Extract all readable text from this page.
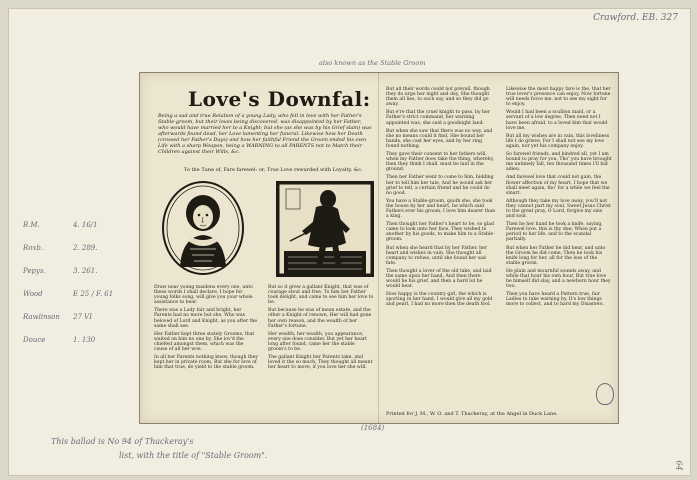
Crawford. EB. 327
also known as the Stable Groom
B.M.	4. 16/1
Roxb.	2. 289.
Pepys.	3. 261.
Wood	E 25 / F. 61
Rawlinson 27 VI
Douce	1. 130
Love's Downfal:
Being a sad and true Relation of a young Lady, who fell in love with her Father's Stable-groom, but their loves being discovered, was disappointed by her Father, who would have married her to a Knight; but she (as she was by his Grief slain) was afterwards found dead, her Love lamenting her funeral. Likewise how her Death (crossed her Father's Days) and how her faithful Friend the Groom ended his own Life with a sharp Weapon, being a WARNING to all PARENTS not to Match their Children against their Wills, &c.
To the Tune of, Fare farewel: or, True Love rewarded with Loyalty, &c.

Draw near young maidens every one, unto these words I shall declare, I hope for young folks song, will give you your whole assistance to bear.

There was a Lady fair and bright, her Parents had no more but she, Who was beloved of Lord and Knight, as you after the same shall see.

Her Father kept three stately Grooms, that waited on him no one by, She lov'd the chiefest amongst them, which was the cause of all her woe.

In all her Parents nothing knew, though they kept her in private room, But she for love of him that true, do yield to the stable groom.

But so it grew a gallant Knight, that was of courage stout and free, To him her Father took delight, and came to see him her love to be.

But because he was of mean estate, and the other a Knight of renown, Her will had gone her own reason, and the wealth of her Father's fortune.

Her wealth, her wealth, you appearance, every one does consider, But yet her heart long after found, came her the stable groom's to be.

The gallant Knight her Parents take, and loved it the so much, They thought all meant her heart to move, if you love her she will.

But all their words could not prevail, though they do urge her night and day, She thought them all lies, to such say, and so they did go away.

But e're that the cruel knight to pass, by her Father's strict command, her warning appointed was, she said a goodnight land.

But when she saw that there was no way, and she no means could it find, She bound her hands, she cast her eyes, and by her ring found nothing.

They gave their consent to her fathers will, when my Father does take the thing, whereby, then they think I shall, must be laid in the ground.

Then her Father went to come to him, bidding her to tell him her tale, And he would ask her grief to tell, a certain friend and he could do no good.

You have a Stable-groom, quoth she, she took the house by her and heart, he which said Fathers ever his groom, I love him dearer than a king.

Then thought her Father's heart to be, so glad came to look unto her face, They wished to another by his goods, to make him to a Stable-groom.

But when she heard that by her Father, her heart and wishes in vain, She thought all company to refuse, until she found her sad fate.

Then thought a lover of the old take, and laid the same upon her hand, And then there would he his grief, and then a hard lot he would bear.

How happy is the country girl, the which is sporting in her hand, I would give all my gold and pearl, I had no more then the death fool.

Likewise the most happy fare is the, that her true lover's presence can enjoy, Now fortune will needs force me, not to see my sight for to enjoy.

Would I had been a scullion maid, or a servant of a low degree, Then need not I have been afraid, to a loved him that would love me.

But all my wishes are in vain, this loveliness life I do grieve, For I shall not see my love again, nor yet his company enjoy.

So farewel friends, and kindred all, yet I am bound to pray for you, Tho' you have brought me untimely fall, ten thousand times I'll bid adieu.

And farewel love that could not gain, the flower affection of my heart, I hope that we shall meet again, tho' for a while we feel the smart.

Although they take my love away, you'll not they cannot part my soul, Sweet Jesus Christ to the great pray, O Lord, forgive my sins and soul.

Then he her hand he took a knife, saying, Farewel love, this is thy due; When put a period to her life, and to the scandal partially.

But when her Father he did hear, and unto the Groom he did come, Then he took his knife long for her, all for the loss of the stable groom.

He plain and mournful sounds away, and while that hour his own hour, But true love he himself did slay, and a newborn hour they two.

Then you have heard a Pattern true, fair Ladies to take warning by, It's low things more to collect, and to hard my Disasters.

Printed for J. M., W. O. and T. Thackeray, at the Angel in Duck Lane.
(1684)
This ballad is No 94 of Thackeray's
list, with the title of "Stable Groom".
64
